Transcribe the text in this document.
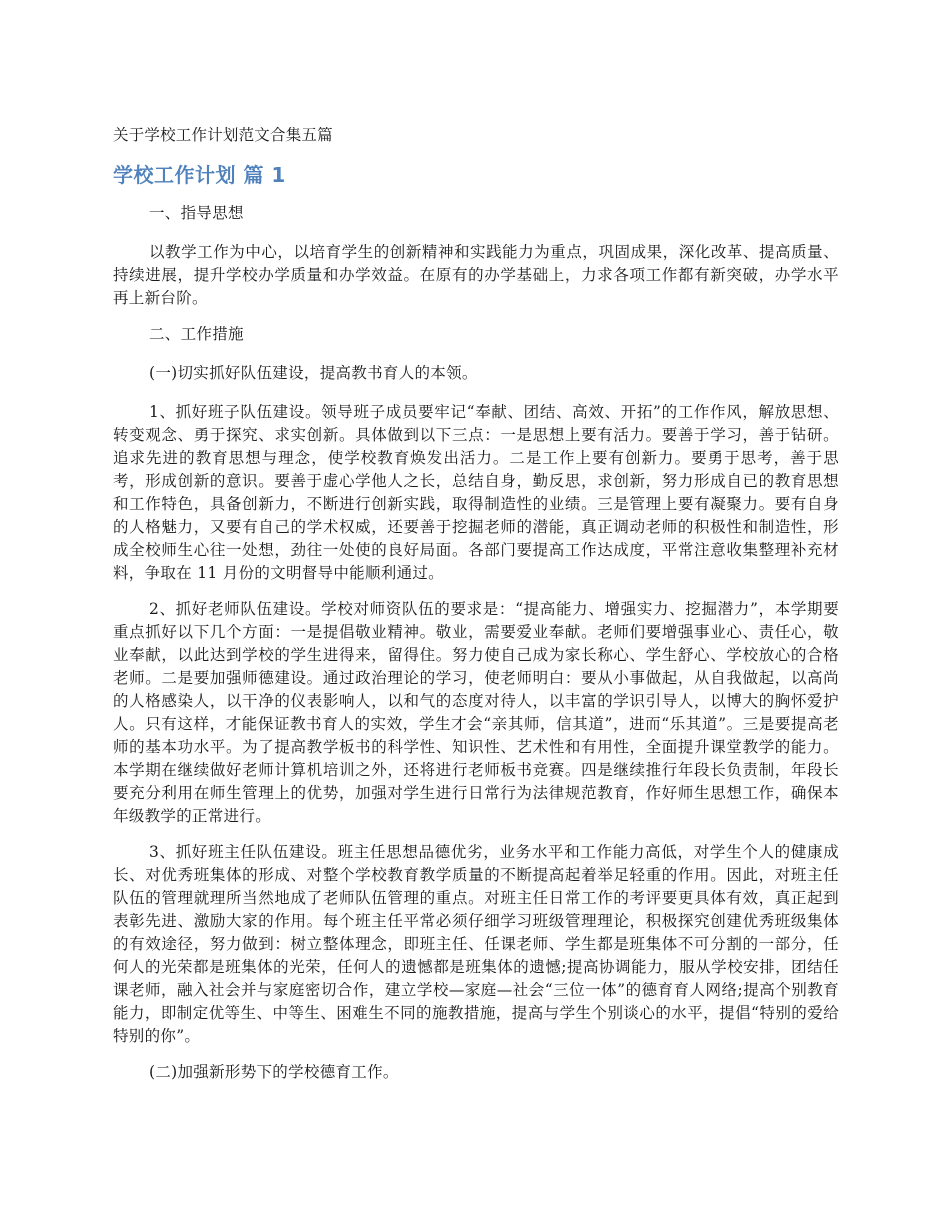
关于学校工作计划范文合集五篇
学校工作计划 篇 1

一、指导思想

以教学工作为中心，以培育学生的创新精神和实践能力为重点，巩固成果，深化改革、提高质量、持续进展，提升学校办学质量和办学效益。在原有的办学基础上，力求各项工作都有新突破，办学水平再上新台阶。

二、工作措施

(一)切实抓好队伍建设，提高教书育人的本领。

1、抓好班子队伍建设。领导班子成员要牢记“奉献、团结、高效、开拓”的工作作风，解放思想、转变观念、勇于探究、求实创新。具体做到以下三点：一是思想上要有活力。要善于学习，善于钻研。追求先进的教育思想与理念，使学校教育焕发出活力。二是工作上要有创新力。要勇于思考，善于思考，形成创新的意识。要善于虚心学他人之长，总结自身，勤反思，求创新，努力形成自已的教育思想和工作特色，具备创新力，不断进行创新实践，取得制造性的业绩。三是管理上要有凝聚力。要有自身的人格魅力，又要有自己的学术权威，还要善于挖掘老师的潜能，真正调动老师的积极性和制造性，形成全校师生心往一处想，劲往一处使的良好局面。各部门要提高工作达成度，平常注意收集整理补充材料，争取在 11 月份的文明督导中能顺利通过。

2、抓好老师队伍建设。学校对师资队伍的要求是：“提高能力、增强实力、挖掘潜力”，本学期要重点抓好以下几个方面：一是提倡敬业精神。敬业，需要爱业奉献。老师们要增强事业心、责任心，敬业奉献，以此达到学校的学生进得来，留得住。努力使自己成为家长称心、学生舒心、学校放心的合格老师。二是要加强师德建设。通过政治理论的学习，使老师明白：要从小事做起，从自我做起，以高尚的人格感染人，以干净的仪表影响人，以和气的态度对待人，以丰富的学识引导人，以博大的胸怀爱护人。只有这样，才能保证教书育人的实效，学生才会“亲其师，信其道”，进而“乐其道”。三是要提高老师的基本功水平。为了提高教学板书的科学性、知识性、艺术性和有用性，全面提升课堂教学的能力。本学期在继续做好老师计算机培训之外，还将进行老师板书竞赛。四是继续推行年段长负责制，年段长要充分利用在师生管理上的优势，加强对学生进行日常行为法律规范教育，作好师生思想工作，确保本年级教学的正常进行。

3、抓好班主任队伍建设。班主任思想品德优劣，业务水平和工作能力高低，对学生个人的健康成长、对优秀班集体的形成、对整个学校教育教学质量的不断提高起着举足轻重的作用。因此，对班主任队伍的管理就理所当然地成了老师队伍管理的重点。对班主任日常工作的考评要更具体有效，真正起到表彰先进、激励大家的作用。每个班主任平常必须仔细学习班级管理理论，积极探究创建优秀班级集体的有效途径，努力做到：树立整体理念，即班主任、任课老师、学生都是班集体不可分割的一部分，任何人的光荣都是班集体的光荣，任何人的遗憾都是班集体的遗憾;提高协调能力，服从学校安排，团结任课老师，融入社会并与家庭密切合作，建立学校—家庭—社会“三位一体”的德育育人网络;提高个别教育能力，即制定优等生、中等生、困难生不同的施教措施，提高与学生个别谈心的水平，提倡“特别的爱给特别的你”。

(二)加强新形势下的学校德育工作。
